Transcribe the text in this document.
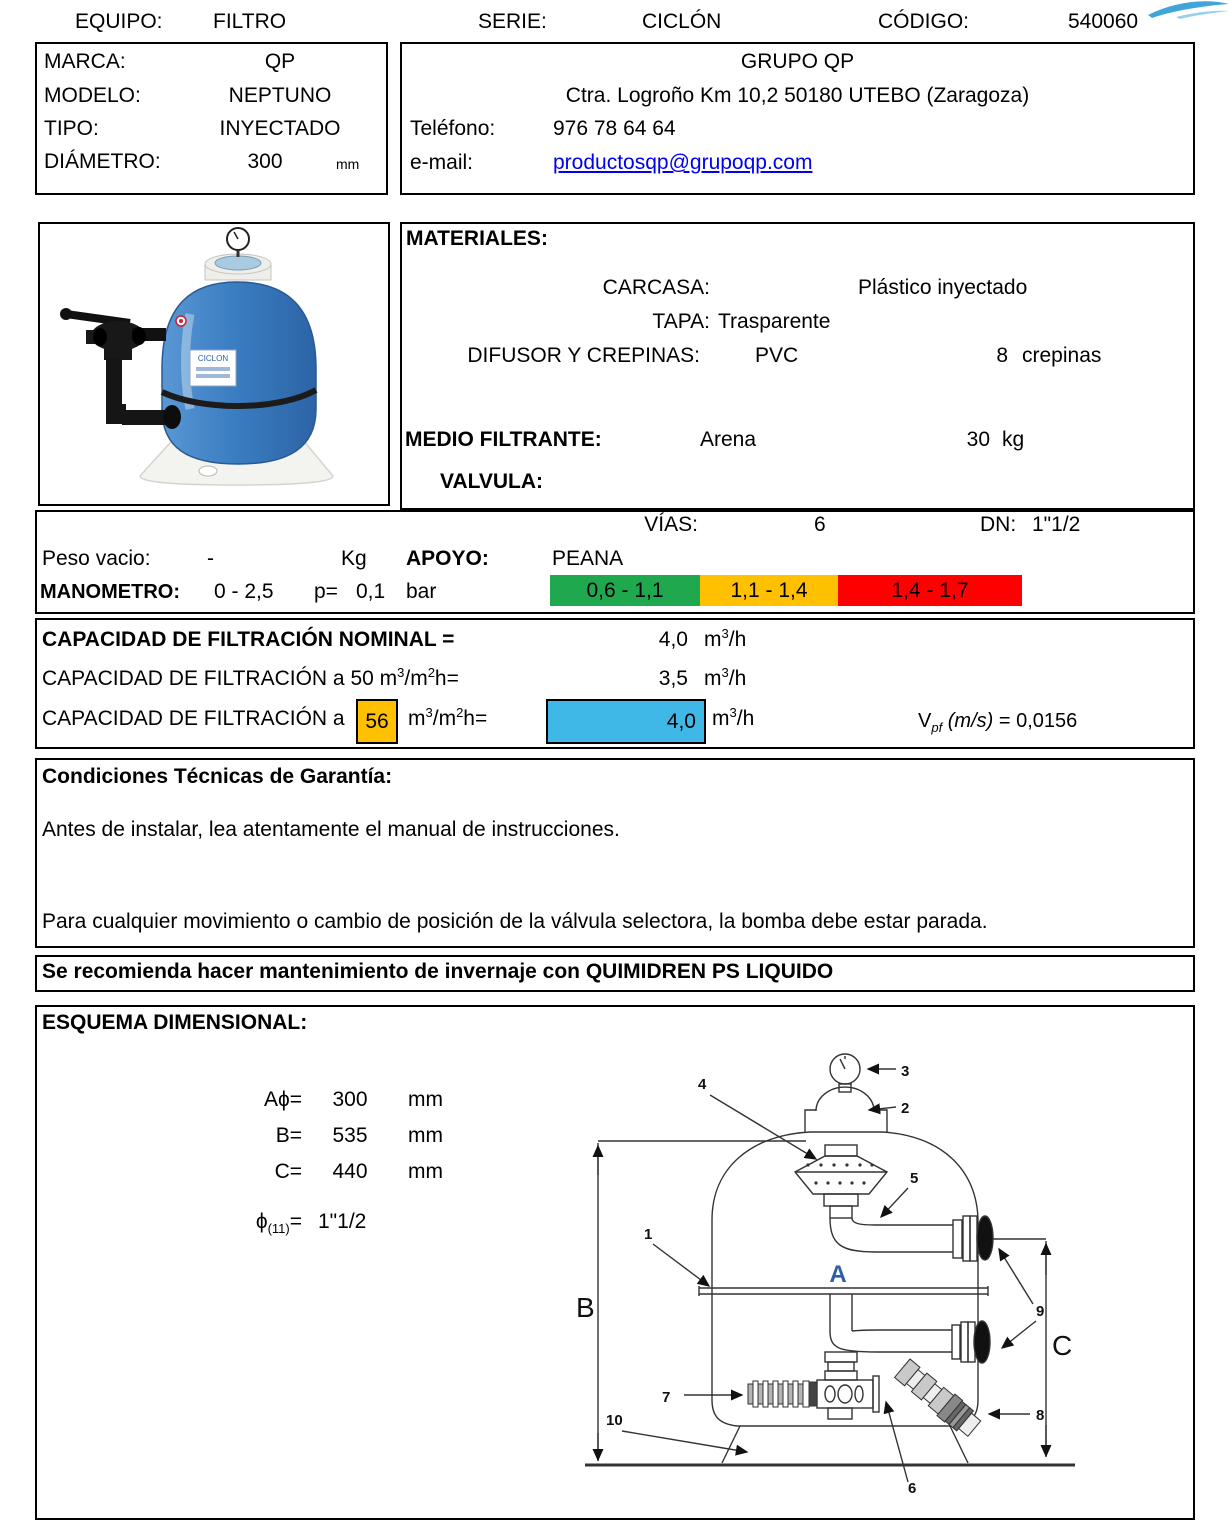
EQUIPO: FILTRO	SERIE:	CICLÓN	CÓDIGO:	540060
MARCA:	QP
MODELO:	NEPTUNO
TIPO:	INYECTADO
DIÁMETRO:	300	mm
GRUPO QP
Ctra. Logroño Km 10,2 50180 UTEBO (Zaragoza)
Teléfono:	976 78 64 64
e-mail:	productosqp@grupoqp.com
CICLON
MATERIALES:
CARCASA:	Plástico inyectado
TAPA: Trasparente
DIFUSOR Y CREPINAS:	PVC	8 crepinas
MEDIO FILTRANTE:	Arena	30 kg
VALVULA:
VÍAS:	6	DN: 1"1/2
Peso vacio:	-	Kg APOYO:	PEANA
MANOMETRO: 0 - 2,5 p= 0,1 bar	0,6 - 1,1	1,1 - 1,4	1,4 - 1,7
CAPACIDAD DE FILTRACIÓN NOMINAL =	4,0 $m^3/h$
CAPACIDAD DE FILTRACIÓN a 50 $m^3/m^2h=$	3,5 $m^3/h$
CAPACIDAD DE FILTRACIÓN a 56 $m^3/m^2h=$	4,0 $m^3/h$	$V_{pf}$ (m/s) = 0,0156
Condiciones Técnicas de Garantía:
Antes de instalar, lea atentamente el manual de instrucciones.
Para cualquier movimiento o cambio de posición de la válvula selectora, la bomba debe estar parada.
Se recomienda hacer mantenimiento de invernaje con QUIMIDREN PS LIQUIDO
ESQUEMA DIMENSIONAL:
Aϕ=	300	mm
B=	535	mm
C=	440	mm
$\phi_{(11)}=$ 1"1/2
3
2
4
5
1
9
7
8
6
10
B
C
A
